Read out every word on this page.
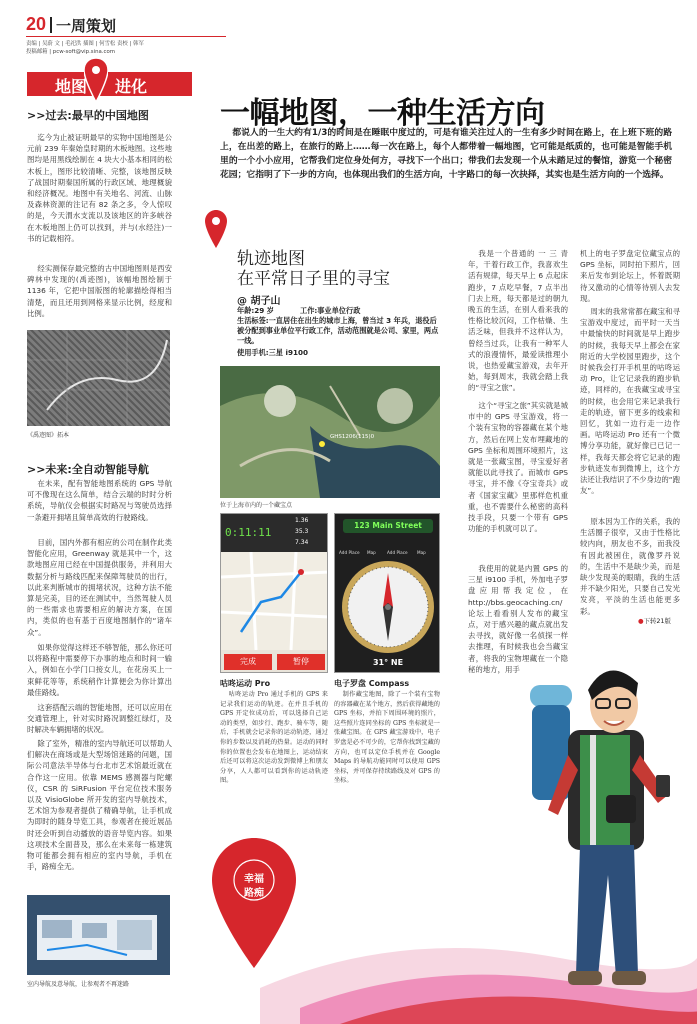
20 一周策划
责编 | 吴蔚 文 | 毛祀洪 插图 | 何雪松 责校 | 韩军
投稿邮箱 | pcw-soft@vip.sina.com
地图 进化
>>过去:最早的中国地图

迄今为止被证明最早的实物中国地图是公元前 239 年秦始皇时期的木板地图。这些地图均是用黑线绘制在 4 块大小基本相同的松木板上，图形比较清晰、完整，该地图反映了战国时期秦国所属的行政区域、地理概貌和经济概况。地图中有关地名、河流、山脉及森林资源的注记有 82 条之多，令人惊叹的是，今天渭水支流以及该地区的许多峡谷在木板地图上仍可以找到，并与(水经注)一书的记载相符。

经实测保存最完整的古中国地图则是西安碑林中发现的(禹迹图)，该幅地图绘制于 1136 年，它把中国版图的轮廓描绘得相当清楚，而且还用到网格来显示比例，经度和比例。

《禹迹图》拓本
>>未来:全自动智能导航

在未来，配有智能地图系统的 GPS 导航可不像现在这么简单，结合云端的时时分析系统，导航仪会根据实时路况与驾驶员选择一条避开拥堵且简单高效的行驶路线。

目前，国内外都有相应的公司在制作此类智能化应用，Greenway 就是其中一个，这款地图应用已经在中国提供服务，并利用大数据分析与路线匹配来保障驾驶员的出行，以此来判断城市的拥堵状况，这种方法不能算是完美，目的还在测试中，当然驾驶人员的一些需求也需要相应的解决方案，在国内，类似的也有基于百度地图制作的“诸车众”。

如果你觉得这样还不够智能，那么你还可以将路程中需要停下办事的地点和时间一输入，例如在小学门口接女儿，在花房买上一束鲜花等等，系统稍作计算便会为你计算出最佳路线。

这套搭配云端的智能地图，还可以应用在交通管理上，针对实时路况调整红绿灯，及时解决车辆拥堵的状况。

除了室外，精准的室内导航还可以帮助人们解决在商场或是大型场馆迷路的问题，国际公司意法半导体与台北市艺术馆最近就在合作这一应用。依靠 MEMS 感测器与陀螺仪，CSR 的 SiRFusion 平台定位技术服务以及 VisioGlobe 所开发的室内导航技术，艺术馆为参观者提供了精确导航，让手机成为即时的随身导览工具，参观者在接近展品时还会听到自动播放的语音导览内容。如果这项技术全面普及，那么在未来每一栋建筑物可能都会拥有相应的室内导航，手机在手，路痴全无。

室内导航及意导航，让参观者不再迷路
一幅地图，一种生活方向

都说人的一生大约有1/3的时间是在睡眠中度过的，可是有谁关注过人的一生有多少时间在路上，在上班下班的路上，在出差的路上，在旅行的路上……每一次在路上，每个人都带着一幅地图，它可能是纸质的，也可能是智能手机里的一个小小应用，它帮我们定位身处何方，寻找下一个出口；带我们去发现一个从未踏足过的餐馆，游览一个秘密花园；它指明了下一步的方向，也体现出我们的生活方向，十字路口的每一次抉择，其实也是生活方向的一个选择。

轨迹地图
在平常日子里的寻宝
@ 胡子山
年龄:29 岁	工作:事业单位行政

生活标签:一直居住在出生的城市上海，曾当过 3 年兵，退役后被分配到事业单位平行政工作，活动范围就是公司、家里，两点一线。

使用手机:三星 i9100
GHS1206(115)0
位于上海市内的一个藏宝点
0:11:11
1.36
35.3
7.34
完成	暂停
123 Main Street
Add Place Map	Add Place Map
31° NE
咕咚运动 Pro

咕咚运动 Pro 通过手机的 GPS 来记录我们运动的轨迹。在并且手机的 GPS 开定位成功后，可以选择自己运动的类型，如步行、跑步、骑车等，随后，手机就会记录你的运动轨迹，通过你的步数以及消耗的热量。运动的同时你的位置也会发布在地图上，运动结束后还可以将这次运动发到微博上和朋友分享，人人都可以看到你的运动轨迹图。

电子罗盘 Compass

制作藏宝地图，除了一个装有宝物的容器藏在某个地方，然后获得藏地的 GPS 坐标，并拍下周围环境的照片，这些照片连同坐标的 GPS 坐标就是一张藏宝图。在 GPS 藏宝游戏中，电子罗盘是必不可少的，它帮你找到宝藏的方向，也可以定位手机并在 Google Maps 的导航功能同时可以使用 GPS 坐标，并可保存持续路线及对 GPS 的坐标。

我是一个普通的 一 三 青年，干着行政工作，我喜欢生活有规律，每天早上 6 点起床跑步，7 点吃早餐，7 点半出门去上班，每天都是过的朝九晚五的生活，在别人看来我的性格比较沉闷，工作枯燥、生活乏味，但我并不这样认为，曾经当过兵，让我有一种军人式的浪漫情怀，最爱读推理小说，也热爱藏宝游戏，去年开始，每到周末，我就会踏上我的“寻宝之旅”。

这个“寻宝之旅”其实就是城市中的 GPS 寻宝游戏，将一个装有宝物的容器藏在某个地方，然后在网上发布埋藏地的 GPS 坐标和周围环境照片，这就是一张藏宝图，寻宝爱好者就能以此寻找了。而城市 GPS 寻宝，并不像《夺宝奇兵》或者《国家宝藏》里那样危机重重，也不需要什么秘密的高科技手段，只要一个带有 GPS 功能的手机就可以了。

我使用的就是内置 GPS 的三星 i9100 手机，外加电子罗盘应用帮我定位，在 http://bbs.geocaching.cn/ 论坛上看看别人发布的藏宝点，对于感兴趣的藏点就出发去寻找，就好像一名侦探一样去推理，有时候我也会当藏宝者，将我的宝物埋藏在一个隐秘的地方，用手

机上的电子罗盘定位藏宝点的 GPS 坐标，同时拍下照片，回来后发布到论坛上，怀着既期待又激动的心情等待别人去发现。

周末的我常常都在藏宝和寻宝游戏中度过，而平时一天当中最愉快的时间就是早上跑步的时候，我每天早上都会在家附近的大学校园里跑步，这个时候我会打开手机里的咕咚运动 Pro，让它记录我的跑步轨迹，同样的，在我藏宝或寻宝的时候，也会用它来记录我行走的轨迹，留下更多的线索和回忆，犹如一边行走一边作画。咕咚运动 Pro 还有一个微博分享功能，就好像已已记一样，我每天都会将它记录的跑步轨迹发布到微博上，这个方法还让我结识了不少身边的“跑友”。

原本因为工作的关系，我的生活圈子很窄，又由于性格比较内向，朋友也不多，而我没有因此被困住，就像罗丹说的，生活中不是缺少美，而是缺少发现美的眼睛，我的生活并不缺少阳光，只要自己发光发亮，平淡的生活也能更多彩。

●下转21版
幸福
路痴
